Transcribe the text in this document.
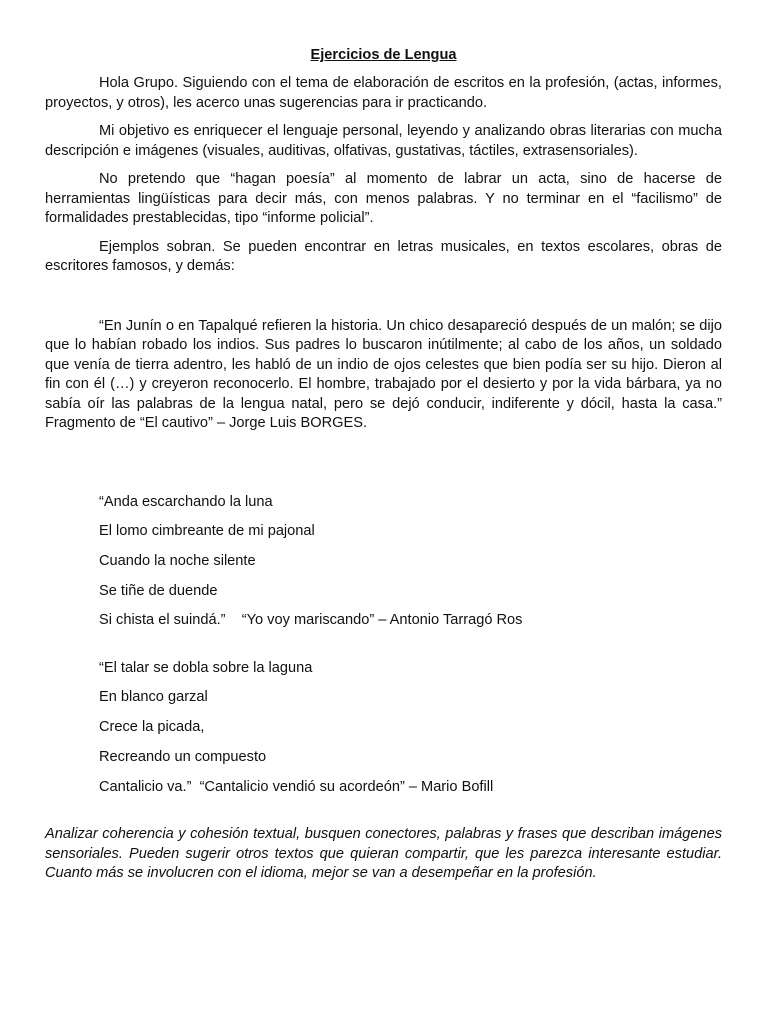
Ejercicios de Lengua

Hola Grupo. Siguiendo con el tema de elaboración de escritos en la profesión, (actas, informes, proyectos, y otros), les acerco unas sugerencias para ir practicando.

Mi objetivo es enriquecer el lenguaje personal, leyendo y analizando obras literarias con mucha descripción e imágenes (visuales, auditivas, olfativas, gustativas, táctiles, extrasensoriales).

No pretendo que “hagan poesía” al momento de labrar un acta, sino de hacerse de herramientas lingüísticas para decir más, con menos palabras. Y no terminar en el “facilismo” de formalidades prestablecidas, tipo “informe policial”.

Ejemplos sobran. Se pueden encontrar en letras musicales, en textos escolares, obras de escritores famosos, y demás:

“En Junín o en Tapalqué refieren la historia. Un chico desapareció después de un malón; se dijo que lo habían robado los indios. Sus padres lo buscaron inútilmente; al cabo de los años, un soldado que venía de tierra adentro, les habló de un indio de ojos celestes que bien podía ser su hijo. Dieron al fin con él (…) y creyeron reconocerlo. El hombre, trabajado por el desierto y por la vida bárbara, ya no sabía oír las palabras de la lengua natal, pero se dejó conducir, indiferente y dócil, hasta la casa.” Fragmento de “El cautivo” – Jorge Luis BORGES.

“Anda escarchando la luna

El lomo cimbreante de mi pajonal

Cuando la noche silente

Se tiñe de duende

Si chista el suindá.”    “Yo voy mariscando” – Antonio Tarragó Ros

“El talar se dobla sobre la laguna

En blanco garzal

Crece la picada,

Recreando un compuesto

Cantalicio va.”  “Cantalicio vendió su acordeón” – Mario Bofill

Analizar coherencia y cohesión textual, busquen conectores, palabras y frases que describan imágenes sensoriales. Pueden sugerir otros textos que quieran compartir, que les parezca interesante estudiar. Cuanto más se involucren con el idioma, mejor se van a desempeñar en la profesión.
